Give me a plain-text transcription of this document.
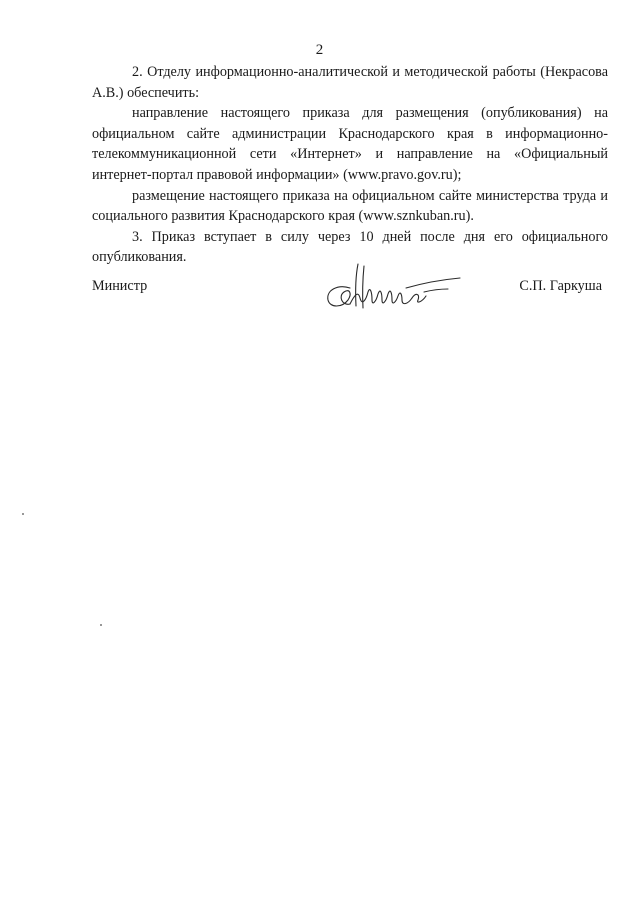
2

2. Отделу информационно-аналитической и методической работы (Некрасова А.В.) обеспечить:

направление настоящего приказа для размещения (опубликования) на официальном сайте администрации Краснодарского края в информационно-телекоммуникационной сети «Интернет» и направление на «Официальный интернет-портал правовой информации» (www.pravo.gov.ru);

размещение настоящего приказа на официальном сайте министерства труда и социального развития Краснодарского края (www.sznkuban.ru).

3. Приказ вступает в силу через 10 дней после дня его официального опубликования.

Министр	С.П. Гаркуша
